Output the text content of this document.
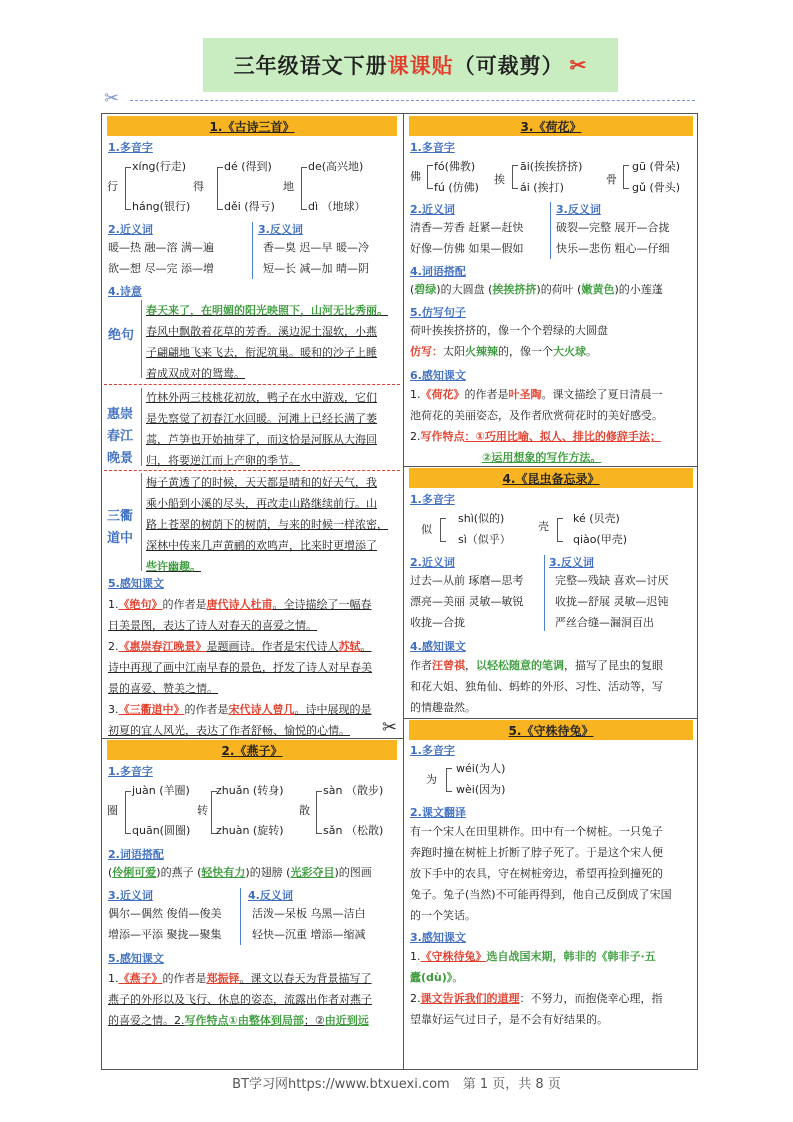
三年级语文下册 课课贴 （可裁剪） ✂
✂
✂
1.《古诗三首》
1.多音字
行
xíng(行走)
háng(银行)
得
dé (得到)
děi (得亏)
地
de(高兴地)
dì （地球）
2.近义词
暖—热 融—溶 满—遍
欲—想 尽—完 添—增
3.反义词
香—臭 迟—早 暖—冷
短—长 减—加 晴—阴
4.诗意
绝句
春天来了，在明媚的阳光映照下，山河无比秀丽。
春风中飘散着花草的芳香。溪边泥土湿软，小燕
子翩翩地飞来飞去，衔泥筑巢。暖和的沙子上睡
着成双成对的鸳鸯。
惠崇
春江
晚景
竹林外两三枝桃花初放，鸭子在水中游戏，它们
是先察觉了初春江水回暖。河滩上已经长满了萎
蒿，芦笋也开始抽芽了，而这恰是河豚从大海回
归，将要逆江而上产卵的季节。
三衢
道中
梅子黄透了的时候，天天都是晴和的好天气，我
乘小船到小溪的尽头，再改走山路继续前行。山
路上苍翠的树荫下的树荫，与来的时候一样浓密，
深林中传来几声黄鹂的欢鸣声，比来时更增添了
些许幽趣。
5.感知课文
1.《绝句》的作者是唐代诗人杜甫。全诗描绘了一幅春
日美景图，表达了诗人对春天的喜爱之情。
2.《惠崇春江晚景》是题画诗。作者是宋代诗人苏轼。
诗中再现了画中江南早春的景色，抒发了诗人对早春美
景的喜爱、赞美之情。
3.《三衢道中》的作者是宋代诗人曾几。诗中展现的是
初夏的宜人风光，表达了作者舒畅、愉悦的心情。
2.《燕子》
1.多音字
圈
juàn (羊圈)
quān(圆圈)
转
zhuǎn (转身)
zhuàn (旋转)
散
sàn （散步)
sǎn （松散)
2.词语搭配
(伶俐可爱)的燕子 (轻快有力)的翅膀 (光彩夺目)的图画
3.近义词
偶尔—偶然 俊俏—俊美
增添—平添 聚拢—聚集
4.反义词
活泼—呆板 乌黑—洁白
轻快—沉重 增添—缩减
5.感知课文
1.《燕子》的作者是郑振铎。课文以春天为背景描写了
燕子的外形以及飞行、休息的姿态，流露出作者对燕子
的喜爱之情。2.写作特点①由整体到局部；②由近到远
3.《荷花》
1.多音字
佛
fó(佛教)
fú (仿佛)
挨
āi(挨挨挤挤)
ái (挨打)
骨
gū (骨朵)
gǔ (骨头)
2.近义词
清香—芳香 赶紧—赶快
好像—仿佛 如果—假如
3.反义词
破裂—完整 展开—合拢
快乐—悲伤 粗心—仔细
4.词语搭配
(碧绿)的大圆盘 (挨挨挤挤)的荷叶 (嫩黄色)的小莲蓬
5.仿写句子
荷叶挨挨挤挤的，像一个个碧绿的大圆盘
仿写：太阳火辣辣的，像一个大火球。
6.感知课文
1.《荷花》的作者是叶圣陶。课文描绘了夏日清晨一
池荷花的美丽姿态，及作者欣赏荷花时的美好感受。
2.写作特点：①巧用比喻、拟人、排比的修辞手法；
②运用想象的写作方法。
4.《昆虫备忘录》
1.多音字
似
shì(似的)
sì（似乎）
壳
ké (贝壳)
qiào(甲壳)
2.近义词
过去—从前 琢磨—思考
漂亮—美丽 灵敏—敏锐
收拢—合拢
3.反义词
完整—残缺 喜欢—讨厌
收拢—舒展 灵敏—迟钝
严丝合缝—漏洞百出
4.感知课文
作者汪曾祺，以轻松随意的笔调，描写了昆虫的复眼
和花大姐、独角仙、蚂蚱的外形、习性、活动等，写
的情趣盎然。
5.《守株待兔》
1.多音字
为
wéi(为人)
wèi(因为)
2.课文翻译
有一个宋人在田里耕作。田中有一个树桩。一只兔子
奔跑时撞在树桩上折断了脖子死了。于是这个宋人便
放下手中的农具，守在树桩旁边，希望再捡到撞死的
兔子。兔子(当然)不可能再得到，他自己反倒成了宋国
的一个笑话。
3.感知课文
1.《守株待兔》选自战国末期，韩非的《韩非子·五
蠹(dù)》。
2.课文告诉我们的道理：不努力，而抱侥幸心理，指
望靠好运气过日子，是不会有好结果的。
BT学习网https://www.btxuexi.com　 第 1 页，共 8 页
